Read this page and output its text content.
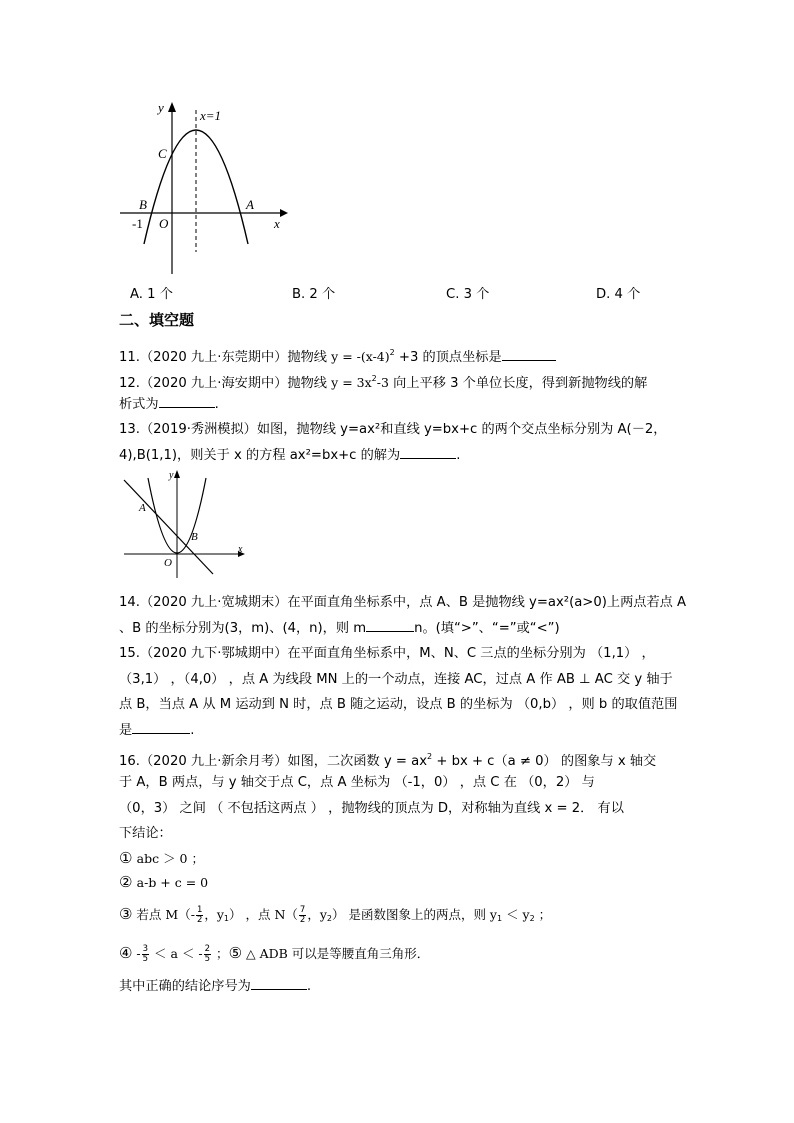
y
x=1
C
B	A
x
O
-1
A. 1 个	B. 2 个	C. 3 个	D. 4 个
二、填空题
11.（2020 九上·东莞期中）抛物线 $y = -(x-4)^2 +3$ 的顶点坐标是
12.（2020 九上·海安期中）抛物线 $y = 3x^2-3$ 向上平移 3 个单位长度，得到新抛物线的解
析式为	.
13.（2019·秀洲模拟）如图，抛物线 y=ax²和直线 y=bx+c 的两个交点坐标分别为 A(－2，
4),B(1,1)，则关于 x 的方程 ax²=bx+c 的解为	.
y
x
A
B
O
14.（2020 九上·宽城期末）在平面直角坐标系中，点 A、B 是抛物线 y=ax²(a>0)上两点若点 A
、B 的坐标分别为(3，m)、(4，n)，则 m	n。(填“>”、“=”或“<”)
15.（2020 九下·鄂城期中）在平面直角坐标系中，M、N、C 三点的坐标分别为 （1,1） ，
（3,1） ，（4,0） ，点 A 为线段 MN 上的一个动点，连接 AC，过点 A 作 AB ⊥ AC 交 y 轴于
点 B，当点 A 从 M 运动到 N 时，点 B 随之运动，设点 B 的坐标为 （0,b） ，则 b 的取值范围
是	.
16.（2020 九上·新余月考）如图，二次函数 $y = ax^2$ + bx + c（a ≠ 0） 的图象与 x 轴交
于 A，B 两点，与 y 轴交于点 C，点 A 坐标为 （-1，0） ，点 C 在 （0，2） 与
（0，3） 之间 （ 不包括这两点 ） ，抛物线的顶点为 D，对称轴为直线 x = 2． 有以
下结论：
① abc ＞ 0 ；
② a-b + c = 0
③ 若点 $M(- \frac{1}{2}$ ，$y_1$） ，点 $N( \frac{7}{2}$ ，$y_2$） 是函数图象上的两点，则 $y_1 < y_2$ ；
④ - $\frac{3}{5} < a$ ＜ - $\frac{2}{5}$ ；⑤ △ ADB 可以是等腰直角三角形．
其中正确的结论序号为	.
